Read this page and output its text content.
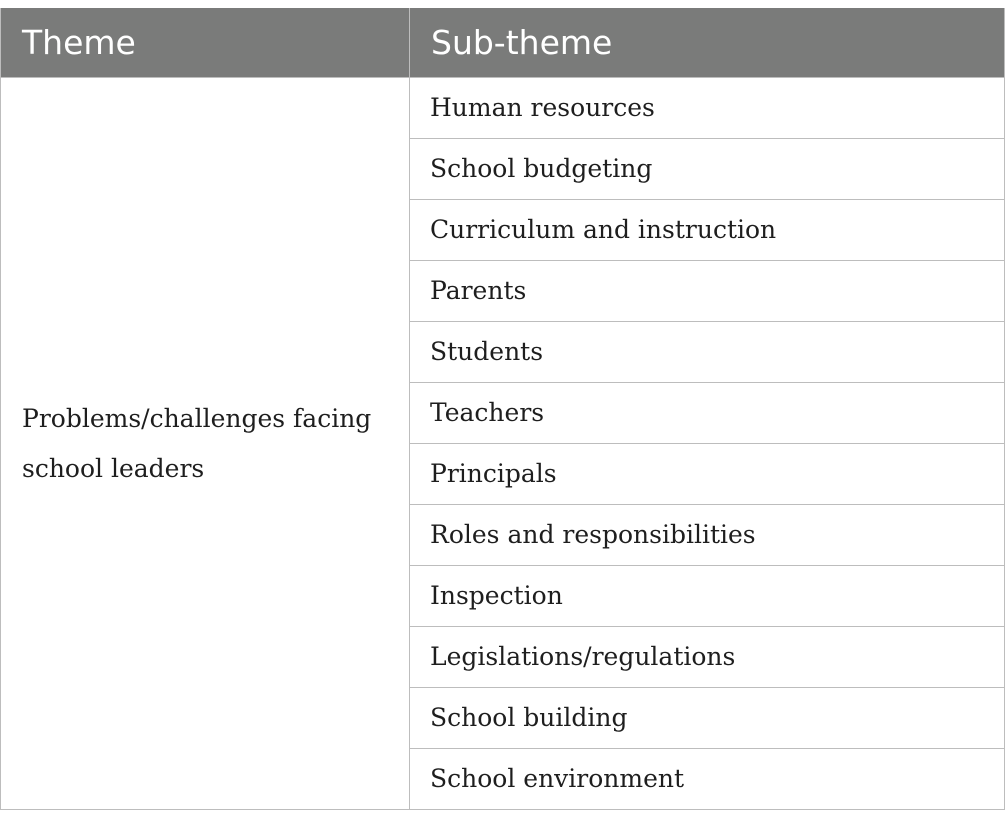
Theme	Sub-theme
Problems/challenges facing school leaders	Human resources
	School budgeting
	Curriculum and instruction
	Parents
	Students
	Teachers
	Principals
	Roles and responsibilities
	Inspection
	Legislations/regulations
	School building
	School environment
